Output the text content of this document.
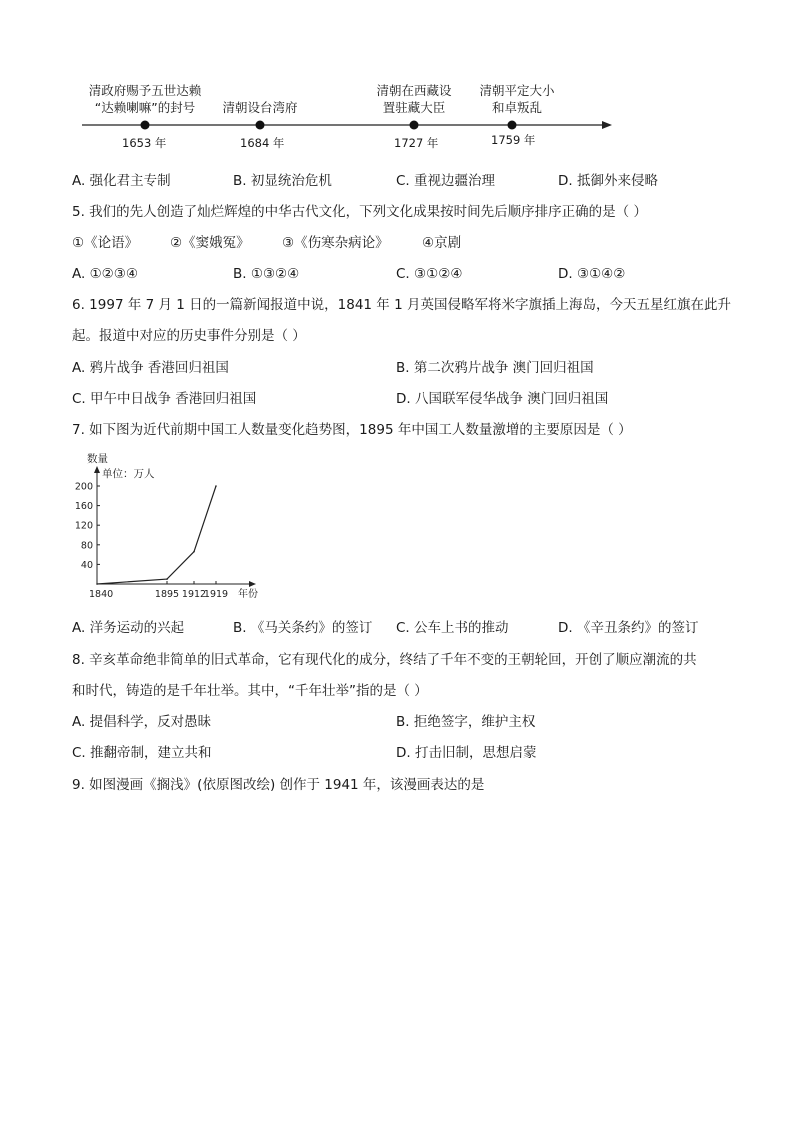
清政府赐予五世达赖
“达赖喇嘛”的封号	清朝设台湾府
清朝在西藏设
置驻藏大臣
清朝平定大小
和卓叛乱
1653 年	1684 年	1727 年	1759 年
A. 强化君主专制	B. 初显统治危机	C. 重视边疆治理	D. 抵御外来侵略
5. 我们的先人创造了灿烂辉煌的中华古代文化，下列文化成果按时间先后顺序排序正确的是（ ）
①《论语》 ②《窦娥冤》 ③《伤寒杂病论》 ④京剧
A. ①②③④	B. ①③②④	C. ③①②④	D. ③①④②
6. 1997 年 7 月 1 日的一篇新闻报道中说，1841 年 1 月英国侵略军将米字旗插上海岛，今天五星红旗在此升
起。报道中对应的历史事件分别是（ ）
A. 鸦片战争 香港回归祖国	B. 第二次鸦片战争 澳门回归祖国
C. 甲午中日战争 香港回归祖国	D. 八国联军侵华战争 澳门回归祖国
7. 如下图为近代前期中国工人数量变化趋势图，1895 年中国工人数量激增的主要原因是（ ）
数量
单位：万人
年份
40
80
120
160
200
1840	1895 1912
1919
A. 洋务运动的兴起	B. 《马关条约》的签订 C. 公车上书的推动	D. 《辛丑条约》的签订
8. 辛亥革命绝非简单的旧式革命，它有现代化的成分，终结了千年不变的王朝轮回，开创了顺应潮流的共
和时代，铸造的是千年壮举。其中，“千年壮举”指的是（ ）
A. 提倡科学，反对愚昧	B. 拒绝签字，维护主权
C. 推翻帝制，建立共和	D. 打击旧制，思想启蒙
9. 如图漫画《搁浅》(依原图改绘) 创作于 1941 年，该漫画表达的是
